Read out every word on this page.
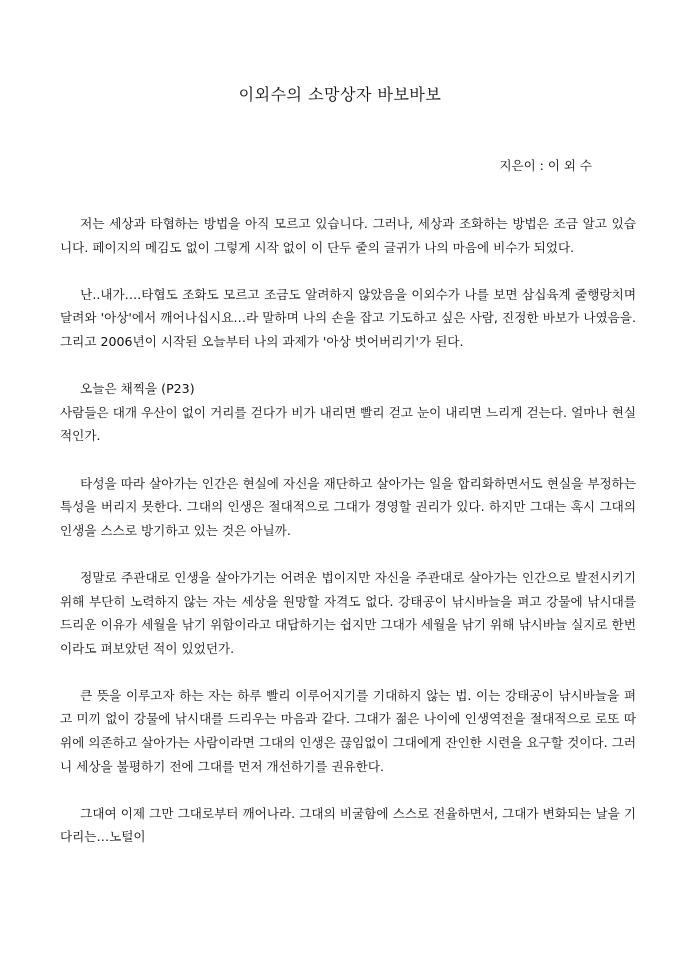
이외수의 소망상자 바보바보
지은이 : 이 외 수

저는 세상과 타협하는 방법을 아직 모르고 있습니다. 그러나, 세상과 조화하는 방법은 조금 알고 있습니다. 페이지의 메김도 없이 그렇게 시작 없이 이 단두 줄의 글귀가 나의 마음에 비수가 되었다.

난..내가….타협도 조화도 모르고 조금도 알려하지 않았음을 이외수가 나를 보면 삼십육계 줄행랑치며 달려와 '아상'에서 깨어나십시요…라 말하며 나의 손을 잡고 기도하고 싶은 사람, 진정한 바보가 나였음을. 그리고 2006년이 시작된 오늘부터 나의 과제가 '아상 벗어버리기'가 된다.

오늘은 채찍을 (P23)

사람들은 대개 우산이 없이 거리를 걷다가 비가 내리면 빨리 걷고 눈이 내리면 느리게 걷는다. 얼마나 현실적인가.

타성을 따라 살아가는 인간은 현실에 자신을 재단하고 살아가는 일을 합리화하면서도 현실을 부정하는 특성을 버리지 못한다. 그대의 인생은 절대적으로 그대가 경영할 권리가 있다. 하지만 그대는 혹시 그대의 인생을 스스로 방기하고 있는 것은 아닐까.

정말로 주관대로 인생을 살아가기는 어려운 법이지만 자신을 주관대로 살아가는 인간으로 발전시키기 위해 부단히 노력하지 않는 자는 세상을 원망할 자격도 없다. 강태공이 낚시바늘을 펴고 강물에 낚시대를 드리운 이유가 세월을 낚기 위함이라고 대답하기는 쉽지만 그대가 세월을 낚기 위해 낚시바늘 실지로 한번이라도 펴보았던 적이 있었던가.

큰 뜻을 이루고자 하는 자는 하루 빨리 이루어지기를 기대하지 않는 법. 이는 강태공이 낚시바늘을 펴고 미끼 없이 강물에 낚시대를 드리우는 마음과 같다. 그대가 젊은 나이에 인생역전을 절대적으로 로또 따위에 의존하고 살아가는 사람이라면 그대의 인생은 끊임없이 그대에게 잔인한 시련을 요구할 것이다. 그러니 세상을 불평하기 전에 그대를 먼저 개선하기를 권유한다.

그대여 이제 그만 그대로부터 깨어나라. 그대의 비굴함에 스스로 전율하면서, 그대가 변화되는 날을 기다리는…노털이
